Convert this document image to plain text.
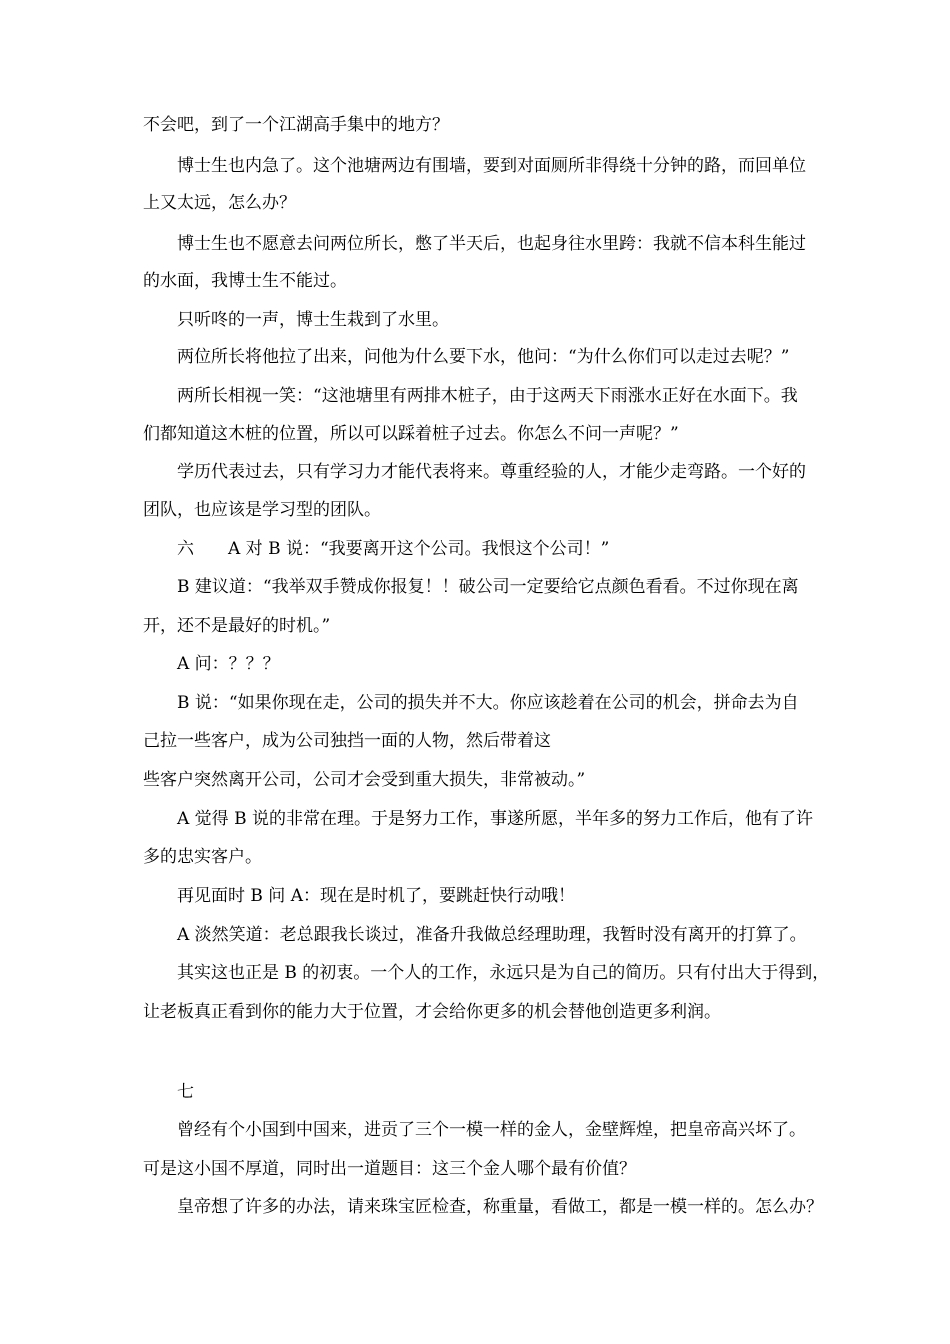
不会吧，到了一个江湖高手集中的地方？
博士生也内急了。这个池塘两边有围墙，要到对面厕所非得绕十分钟的路，而回单位
上又太远，怎么办？
博士生也不愿意去问两位所长，憋了半天后，也起身往水里跨：我就不信本科生能过
的水面，我博士生不能过。
只听咚的一声，博士生栽到了水里。
两位所长将他拉了出来，问他为什么要下水，他问：“为什么你们可以走过去呢？”
两所长相视一笑：“这池塘里有两排木桩子，由于这两天下雨涨水正好在水面下。我
们都知道这木桩的位置，所以可以踩着桩子过去。你怎么不问一声呢？”
学历代表过去，只有学习力才能代表将来。尊重经验的人，才能少走弯路。一个好的
团队，也应该是学习型的团队。
六 A 对 B 说：“我要离开这个公司。我恨这个公司！”
B 建议道：“我举双手赞成你报复！！破公司一定要给它点颜色看看。不过你现在离
开，还不是最好的时机。”
A 问：？？？
B 说：“如果你现在走，公司的损失并不大。你应该趁着在公司的机会，拼命去为自
己拉一些客户，成为公司独挡一面的人物，然后带着这
些客户突然离开公司，公司才会受到重大损失，非常被动。”
A 觉得 B 说的非常在理。于是努力工作，事遂所愿，半年多的努力工作后，他有了许
多的忠实客户。
再见面时 B 问 A：现在是时机了，要跳赶快行动哦！
A 淡然笑道：老总跟我长谈过，准备升我做总经理助理，我暂时没有离开的打算了。
其实这也正是 B 的初衷。一个人的工作，永远只是为自己的简历。只有付出大于得到，
让老板真正看到你的能力大于位置，才会给你更多的机会替他创造更多利润。
七
曾经有个小国到中国来，进贡了三个一模一样的金人，金壁辉煌，把皇帝高兴坏了。
可是这小国不厚道，同时出一道题目：这三个金人哪个最有价值？
皇帝想了许多的办法，请来珠宝匠检查，称重量，看做工，都是一模一样的。怎么办？
